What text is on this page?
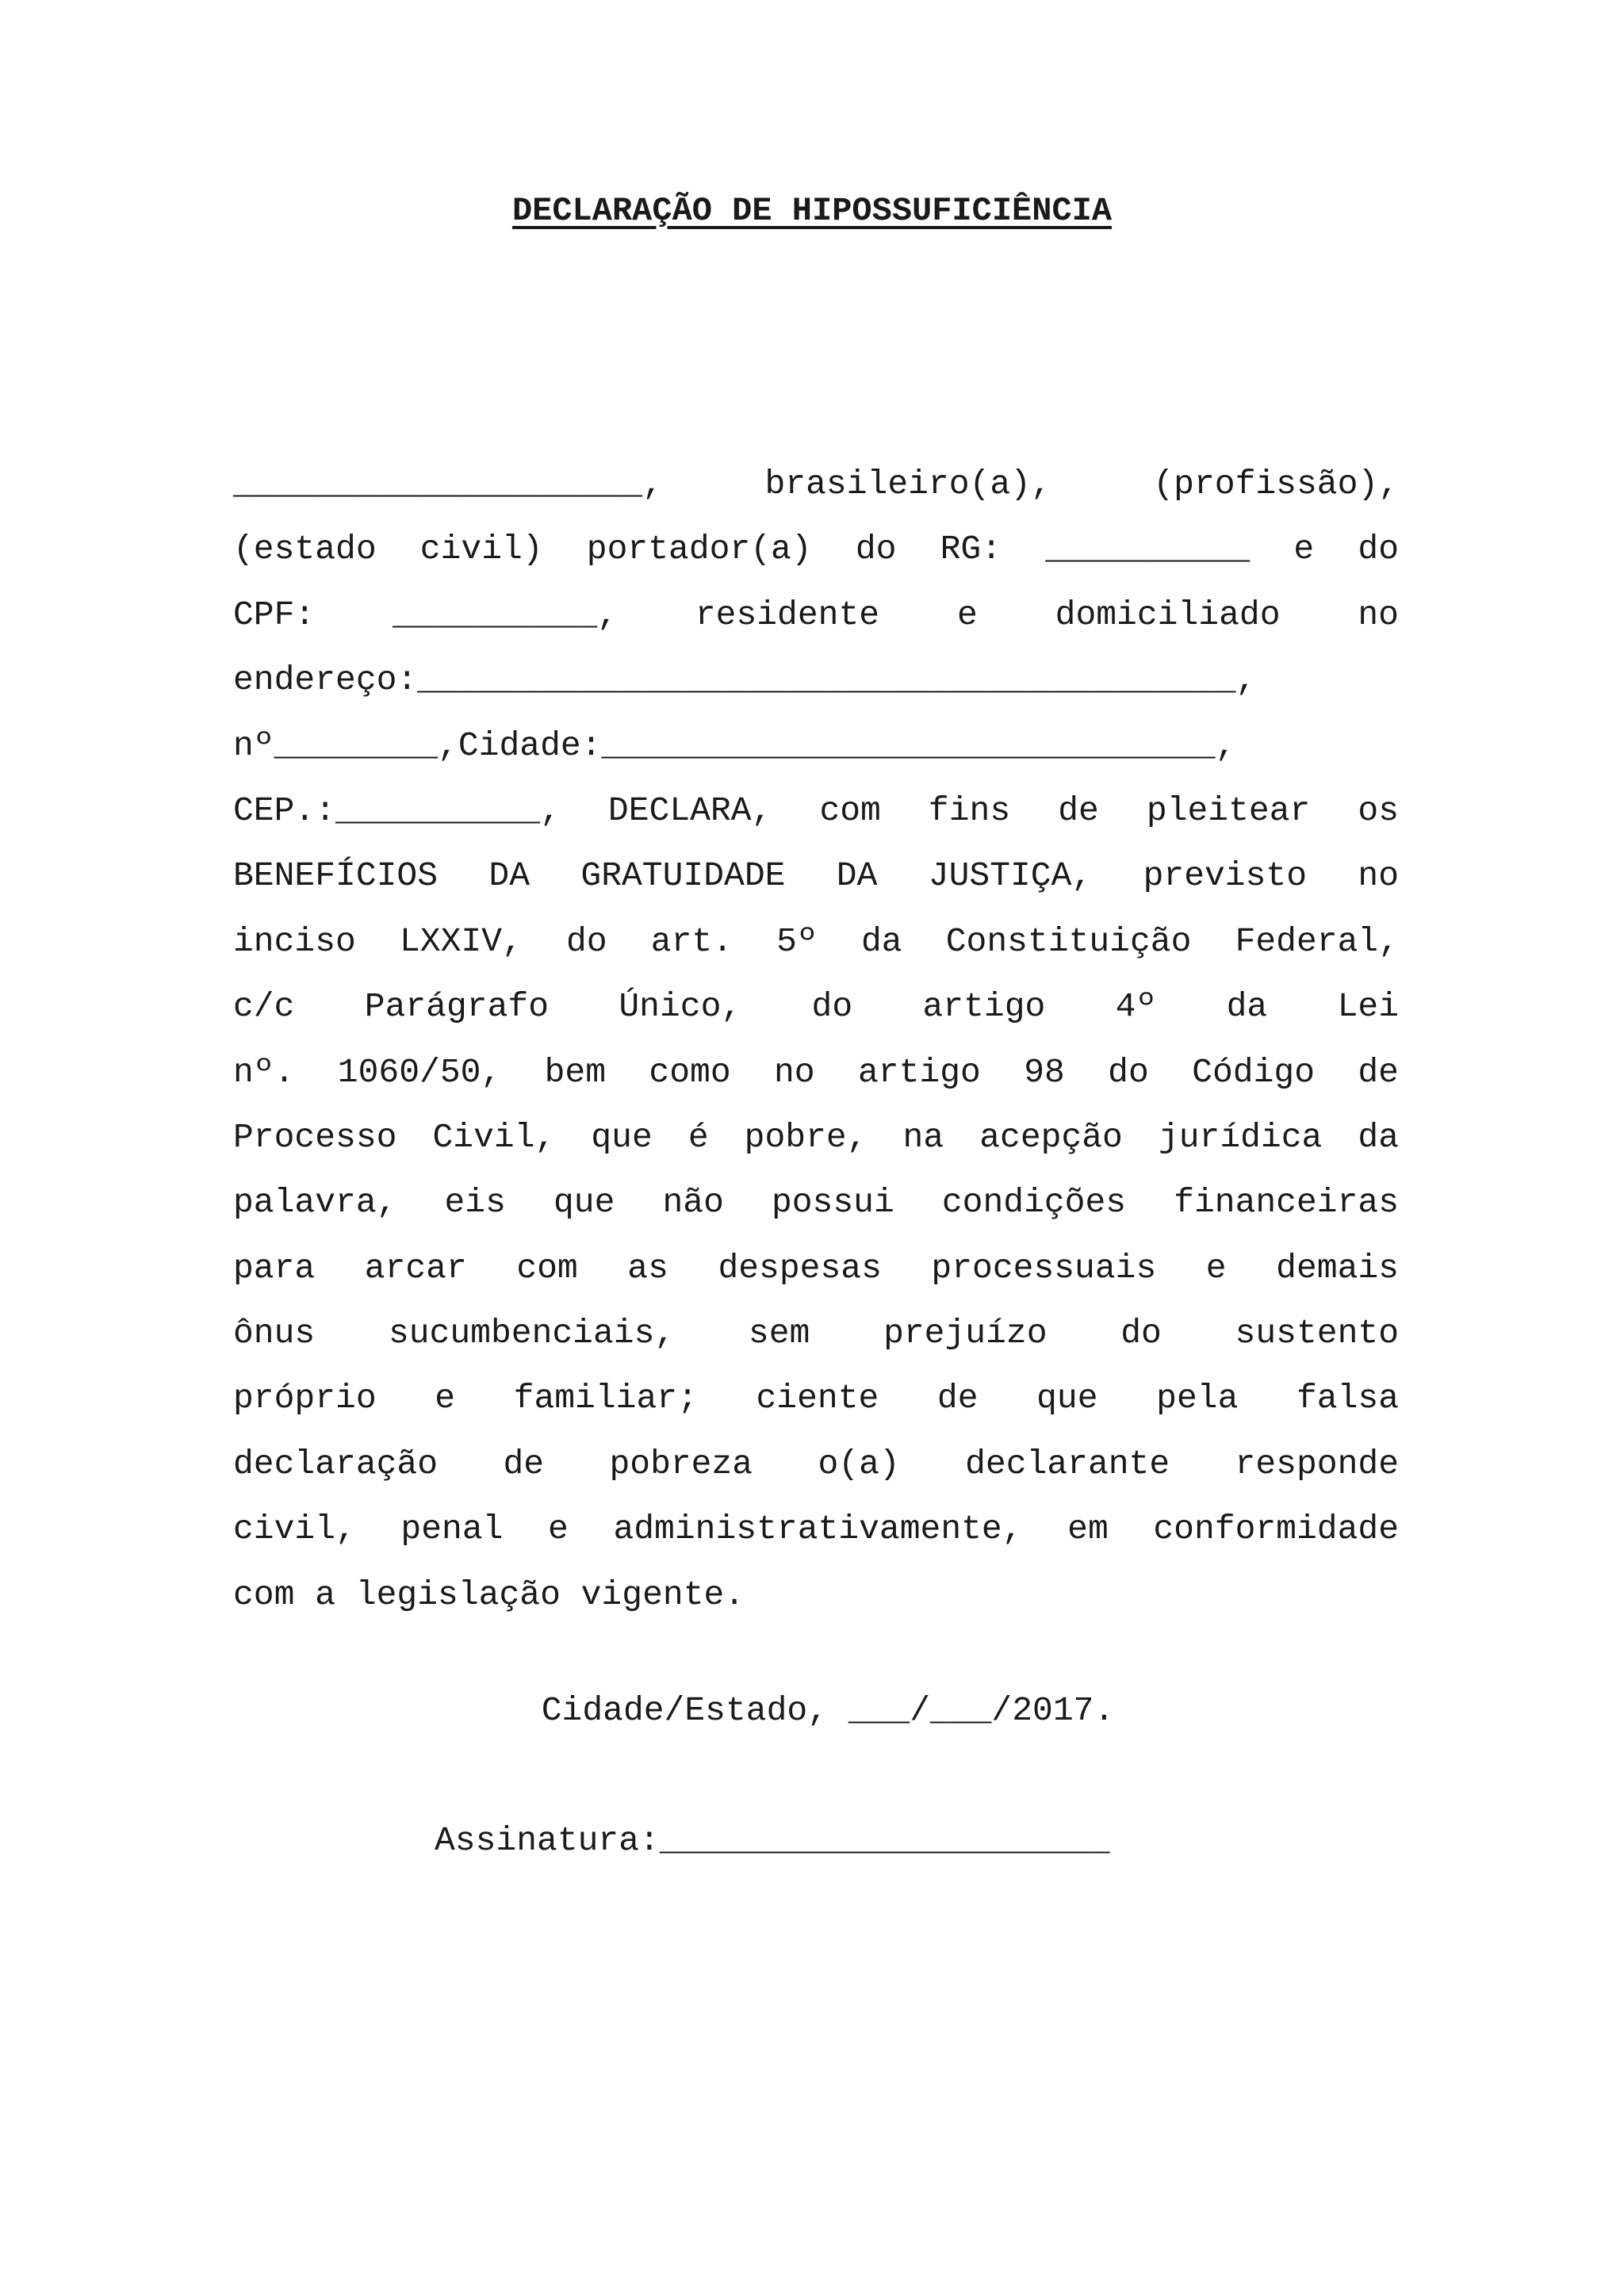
DECLARAÇÃO DE HIPOSSUFICIÊNCIA
____________________, brasileiro(a), (profissão),
(estado civil) portador(a) do RG: __________ e do
CPF: __________, residente e domiciliado no
endereço:________________________________________,
nº________,Cidade:______________________________,
CEP.:__________, DECLARA, com fins de pleitear os
BENEFÍCIOS DA GRATUIDADE DA JUSTIÇA, previsto no
inciso LXXIV, do art. 5º da Constituição Federal,
c/c Parágrafo Único, do artigo 4º da Lei
nº. 1060/50, bem como no artigo 98 do Código de
Processo Civil, que é pobre, na acepção jurídica da
palavra, eis que não possui condições financeiras
para arcar com as despesas processuais e demais
ônus sucumbenciais, sem prejuízo do sustento
próprio e familiar; ciente de que pela falsa
declaração de pobreza o(a) declarante responde
civil, penal e administrativamente, em conformidade
com a legislação vigente.
Cidade/Estado, ___/___/2017.
Assinatura:______________________
